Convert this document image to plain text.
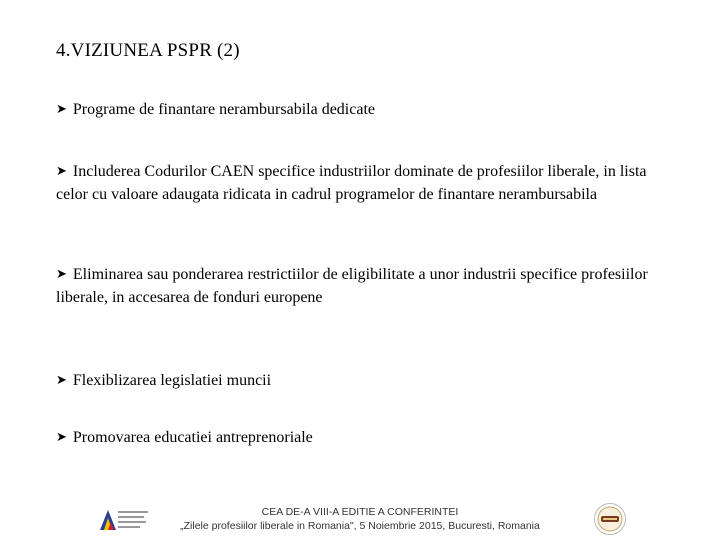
4.VIZIUNEA PSPR (2)
➤ Programe de finantare nerambursabila dedicate
➤ Includerea Codurilor CAEN specifice industriilor dominate de profesiilor liberale, in lista celor cu valoare adaugata ridicata in cadrul programelor de finantare nerambursabila
➤ Eliminarea sau ponderarea restrictiilor de eligibilitate a unor industrii specifice profesiilor liberale, in accesarea de fonduri europene
➤ Flexiblizarea legislatiei muncii
➤ Promovarea educatiei antreprenoriale
CEA DE-A VIII-A EDITIE A CONFERINTEI
„Zilele profesiilor liberale in Romania", 5 Noiembrie 2015, Bucuresti, Romania
